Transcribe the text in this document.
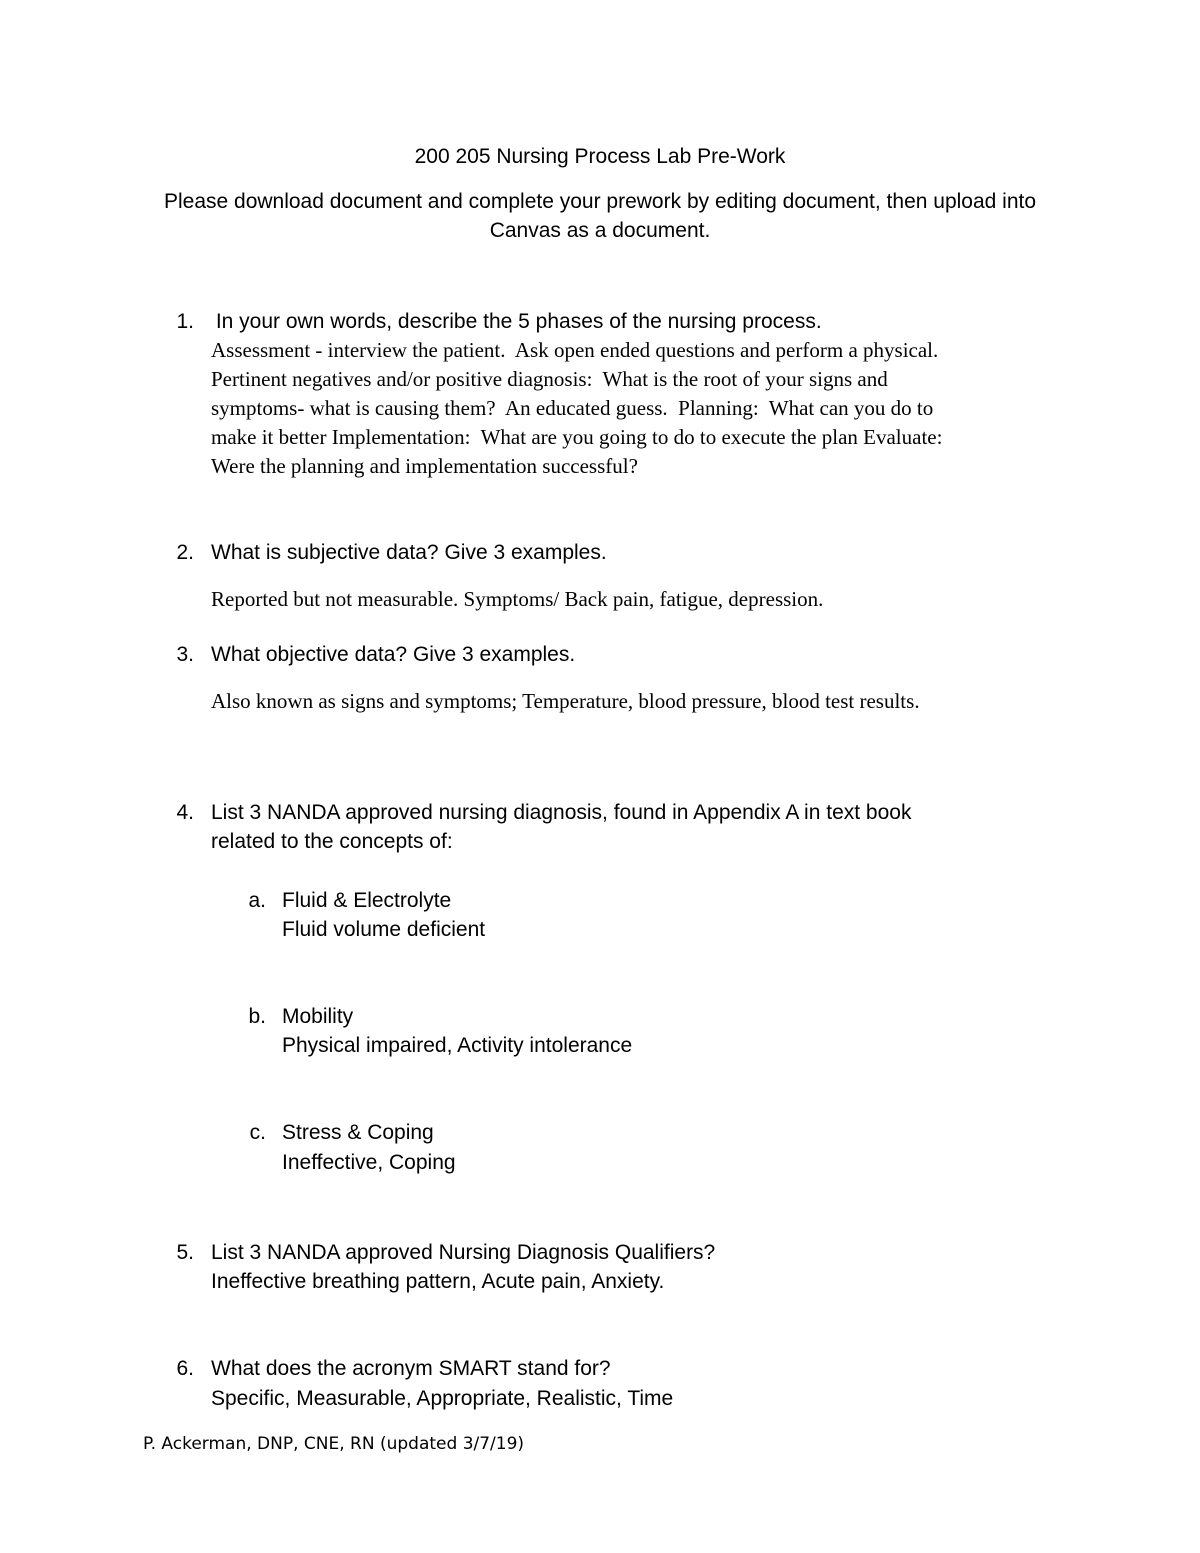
200 205 Nursing Process Lab Pre-Work
Please download document and complete your prework by editing document, then upload into Canvas as a document.
1. In your own words, describe the 5 phases of the nursing process.
Assessment - interview the patient.  Ask open ended questions and perform a physical.
Pertinent negatives and/or positive diagnosis:  What is the root of your signs and
symptoms- what is causing them?  An educated guess.  Planning:  What can you do to
make it better Implementation:  What are you going to do to execute the plan Evaluate:
Were the planning and implementation successful?
2. What is subjective data? Give 3 examples.
Reported but not measurable. Symptoms/ Back pain, fatigue, depression.
3. What objective data? Give 3 examples.
Also known as signs and symptoms; Temperature, blood pressure, blood test results.
4. List 3 NANDA approved nursing diagnosis, found in Appendix A in text book
related to the concepts of:
a. Fluid & Electrolyte
Fluid volume deficient
b. Mobility
Physical impaired, Activity intolerance
c. Stress & Coping
Ineffective, Coping
5. List 3 NANDA approved Nursing Diagnosis Qualifiers?
Ineffective breathing pattern, Acute pain, Anxiety.
6. What does the acronym SMART stand for?
Specific, Measurable, Appropriate, Realistic, Time
P. Ackerman, DNP, CNE, RN (updated 3/7/19)
